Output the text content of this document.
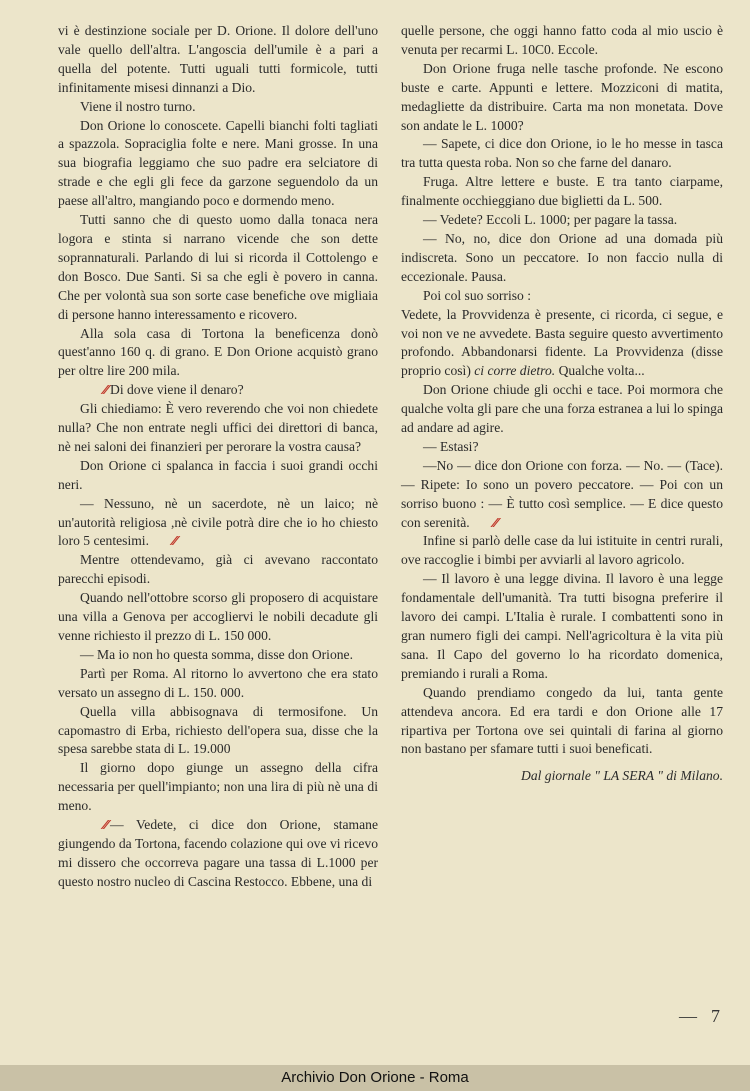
vi è destinzione sociale per D. Orione. Il dolore dell'uno vale quello dell'altra. L'angoscia dell'umile è a pari a quella del potente. Tutti uguali tutti formicole, tutti infinitamente misesi dinnanzi a Dio.

Viene il nostro turno.

Don Orione lo conoscete. Capelli bianchi folti tagliati a spazzola. Sopraciglia folte e nere. Mani grosse. In una sua biografia leggiamo che suo padre era selciatore di strade e che egli gli fece da garzone seguendolo da un paese all'altro, mangiando poco e dormendo meno.

Tutti sanno che di questo uomo dalla tonaca nera logora e stinta si narrano vicende che son dette soprannaturali. Parlando di lui si ricorda il Cottolengo e don Bosco. Due Santi. Si sa che egli è povero in canna. Che per volontà sua son sorte case benefiche ove migliaia di persone hanno interessamento e ricovero.

Alla sola casa di Tortona la beneficenza donò quest'anno 160 q. di grano. E Don Orione acquistò grano per oltre lire 200 mila.

⁄⁄ Di dove viene il denaro?

Gli chiediamo: È vero reverendo che voi non chiedete nulla? Che non entrate negli uffici dei direttori di banca, nè nei saloni dei finanzieri per perorare la vostra causa?

Don Orione ci spalanca in faccia i suoi grandi occhi neri.

— Nessuno, nè un sacerdote, nè un laico; nè un'autorità religiosa ,nè civile potrà dire che io ho chiesto loro 5 centesimi. ⁄⁄

Mentre ottendevamo, già ci avevano raccontato parecchi episodi.

Quando nell'ottobre scorso gli proposero di acquistare una villa a Genova per accogliervi le nobili decadute gli venne richiesto il prezzo di L. 150 000.

— Ma io non ho questa somma, disse don Orione.

Partì per Roma. Al ritorno lo avvertono che era stato versato un assegno di L. 150. 000.

Quella villa abbisognava di termosifone. Un capomastro di Erba, richiesto dell'opera sua, disse che la spesa sarebbe stata di L. 19.000

Il giorno dopo giunge un assegno della cifra necessaria per quell'impianto; non una lira di più nè una di meno.

⁄⁄ — Vedete, ci dice don Orione, stamane giungendo da Tortona, facendo colazione qui ove vi ricevo mi dissero che occorreva pagare una tassa di L.1000 per questo nostro nucleo di Cascina Restocco. Ebbene, una di

quelle persone, che oggi hanno fatto coda al mio uscio è venuta per recarmi L. 10C0. Eccole.

Don Orione fruga nelle tasche profonde. Ne escono buste e carte. Appunti e lettere. Mozziconi di matita, medagliette da distribuire. Carta ma non monetata. Dove son andate le L. 1000?

— Sapete, ci dice don Orione, io le ho messe in tasca tra tutta questa roba. Non so che farne del danaro.

Fruga. Altre lettere e buste. E tra tanto ciarpame, finalmente occhieggiano due biglietti da L. 500.

— Vedete? Eccoli L. 1000; per pagare la tassa.

— No, no, dice don Orione ad una domada più indiscreta. Sono un peccatore. Io non faccio nulla di eccezionale. Pausa.

Poi col suo sorriso :

Vedete, la Provvidenza è presente, ci ricorda, ci segue, e voi non ve ne avvedete. Basta seguire questo avvertimento profondo. Abbandonarsi fidente. La Provvidenza (disse proprio così) ci corre dietro. Qualche volta...

Don Orione chiude gli occhi e tace. Poi mormora che qualche volta gli pare che una forza estranea a lui lo spinga ad andare ad agire.

— Estasi?

—No — dice don Orione con forza. — No. — (Tace). — Ripete: Io sono un povero peccatore. — Poi con un sorriso buono : — È tutto così semplice. — E dice questo con serenità. ⁄⁄

Infine si parlò delle case da lui istituite in centri rurali, ove raccoglie i bimbi per avviarli al lavoro agricolo.

— Il lavoro è una legge divina. Il lavoro è una legge fondamentale dell'umanità. Tra tutti bisogna preferire il lavoro dei campi. L'Italia è rurale. I combattenti sono in gran numero figli dei campi. Nell'agricoltura è la vita più sana. Il Capo del governo lo ha ricordato domenica, premiando i rurali a Roma.

Quando prendiamo congedo da lui, tanta gente attendeva ancora. Ed era tardi e don Orione alle 17 ripartiva per Tortona ove sei quintali di farina al giorno non bastano per sfamare tutti i suoi beneficati.

Dal giornale " LA SERA " di Milano.

— 7
Archivio Don Orione - Roma
